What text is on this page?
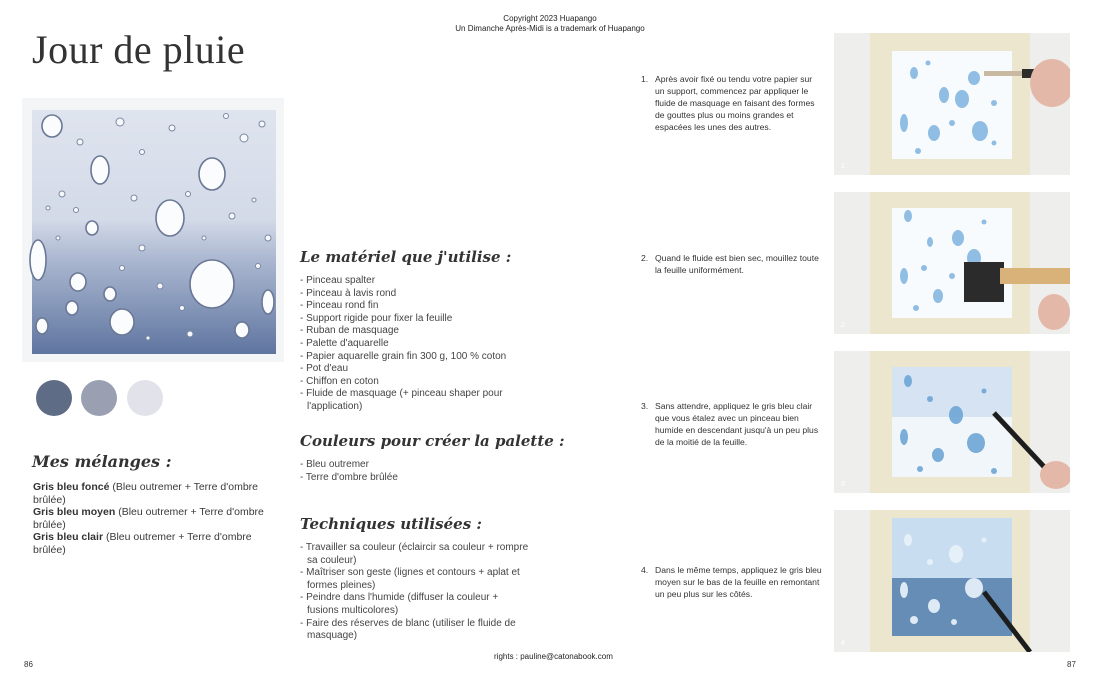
Copyright 2023 Huapango
Un Dimanche Après-Midi is a trademark of Huapango
Jour de pluie
Mes mélanges :
Gris bleu foncé (Bleu outremer + Terre d'ombre brûlée)
Gris bleu moyen (Bleu outremer + Terre d'ombre brûlée)
Gris bleu clair (Bleu outremer + Terre d'ombre brûlée)
Le matériel que j'utilise :
- Pinceau spalter
- Pinceau à lavis rond
- Pinceau rond fin
- Support rigide pour fixer la feuille
- Ruban de masquage
- Palette d'aquarelle
- Papier aquarelle grain fin 300 g, 100 % coton
- Pot d'eau
- Chiffon en coton
- Fluide de masquage (+ pinceau shaper pour l'application)
Couleurs pour créer la palette :
- Bleu outremer
- Terre d'ombre brûlée
Techniques utilisées :
- Travailler sa couleur (éclaircir sa couleur + rompre sa couleur)
- Maîtriser son geste (lignes et contours + aplat et formes pleines)
- Peindre dans l'humide (diffuser la couleur + fusions multicolores)
- Faire des réserves de blanc (utiliser le fluide de masquage)
1. Après avoir fixé ou tendu votre papier sur un support, commencez par appliquer le fluide de masquage en faisant des formes de gouttes plus ou moins grandes et espacées les unes des autres.
2. Quand le fluide est bien sec, mouillez toute la feuille uniformément.
3. Sans attendre, appliquez le gris bleu clair que vous étalez avec un pinceau bien humide en descendant jusqu'à un peu plus de la moitié de la feuille.
4. Dans le même temps, appliquez le gris bleu moyen sur le bas de la feuille en remontant un peu plus sur les côtés.
1
2
3
4
86
rights : pauline@catonabook.com
87
